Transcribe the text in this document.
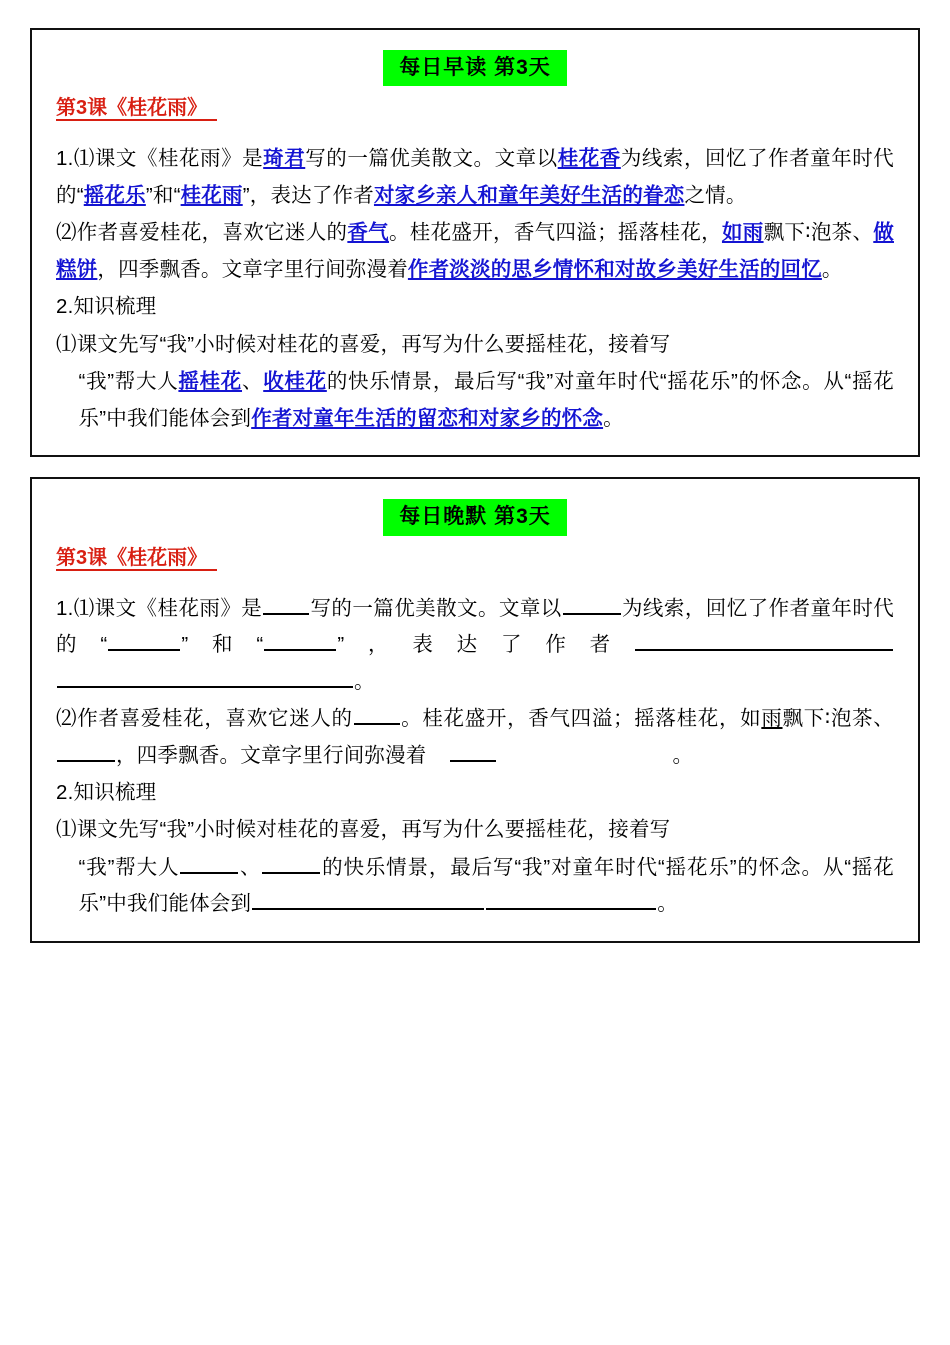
每日早读 第3天
第3课《桂花雨》

1.⑴课文《桂花雨》是琦君写的一篇优美散文。文章以桂花香为线索，回忆了作者童年时代的“摇花乐”和“桂花雨”，表达了作者对家乡亲人和童年美好生活的眷恋之情。

⑵作者喜爱桂花，喜欢它迷人的香气。桂花盛开，香气四溢；摇落桂花，如雨飘下∶泡茶、做糕饼，四季飘香。文章字里行间弥漫着作者淡淡的思乡情怀和对故乡美好生活的回忆。

2.知识梳理

⑴课文先写“我”小时候对桂花的喜爱，再写为什么要摇桂花，接着写

“我”帮大人摇桂花、收桂花的快乐情景，最后写“我”对童年时代“摇花乐”的怀念。从“摇花乐”中我们能体会到作者对童年生活的留恋和对家乡的怀念。

每日晚默 第3天
第3课《桂花雨》

1.⑴课文《桂花雨》是 写的一篇优美散文。文章以	为线索，回忆了作者童年时代的“	”和“	”，表达了作者。

⑵作者喜爱桂花，喜欢它迷人的 。桂花盛开，香气四溢；摇落桂花，如雨飘下∶泡茶、，四季飘香。文章字里行间弥漫着	。

2.知识梳理

⑴课文先写“我”小时候对桂花的喜爱，再写为什么要摇桂花，接着写

“我”帮大人	、	的快乐情景，最后写“我”对童年时代“摇花乐”的怀念。从“摇花乐”中我们能体会到	。
